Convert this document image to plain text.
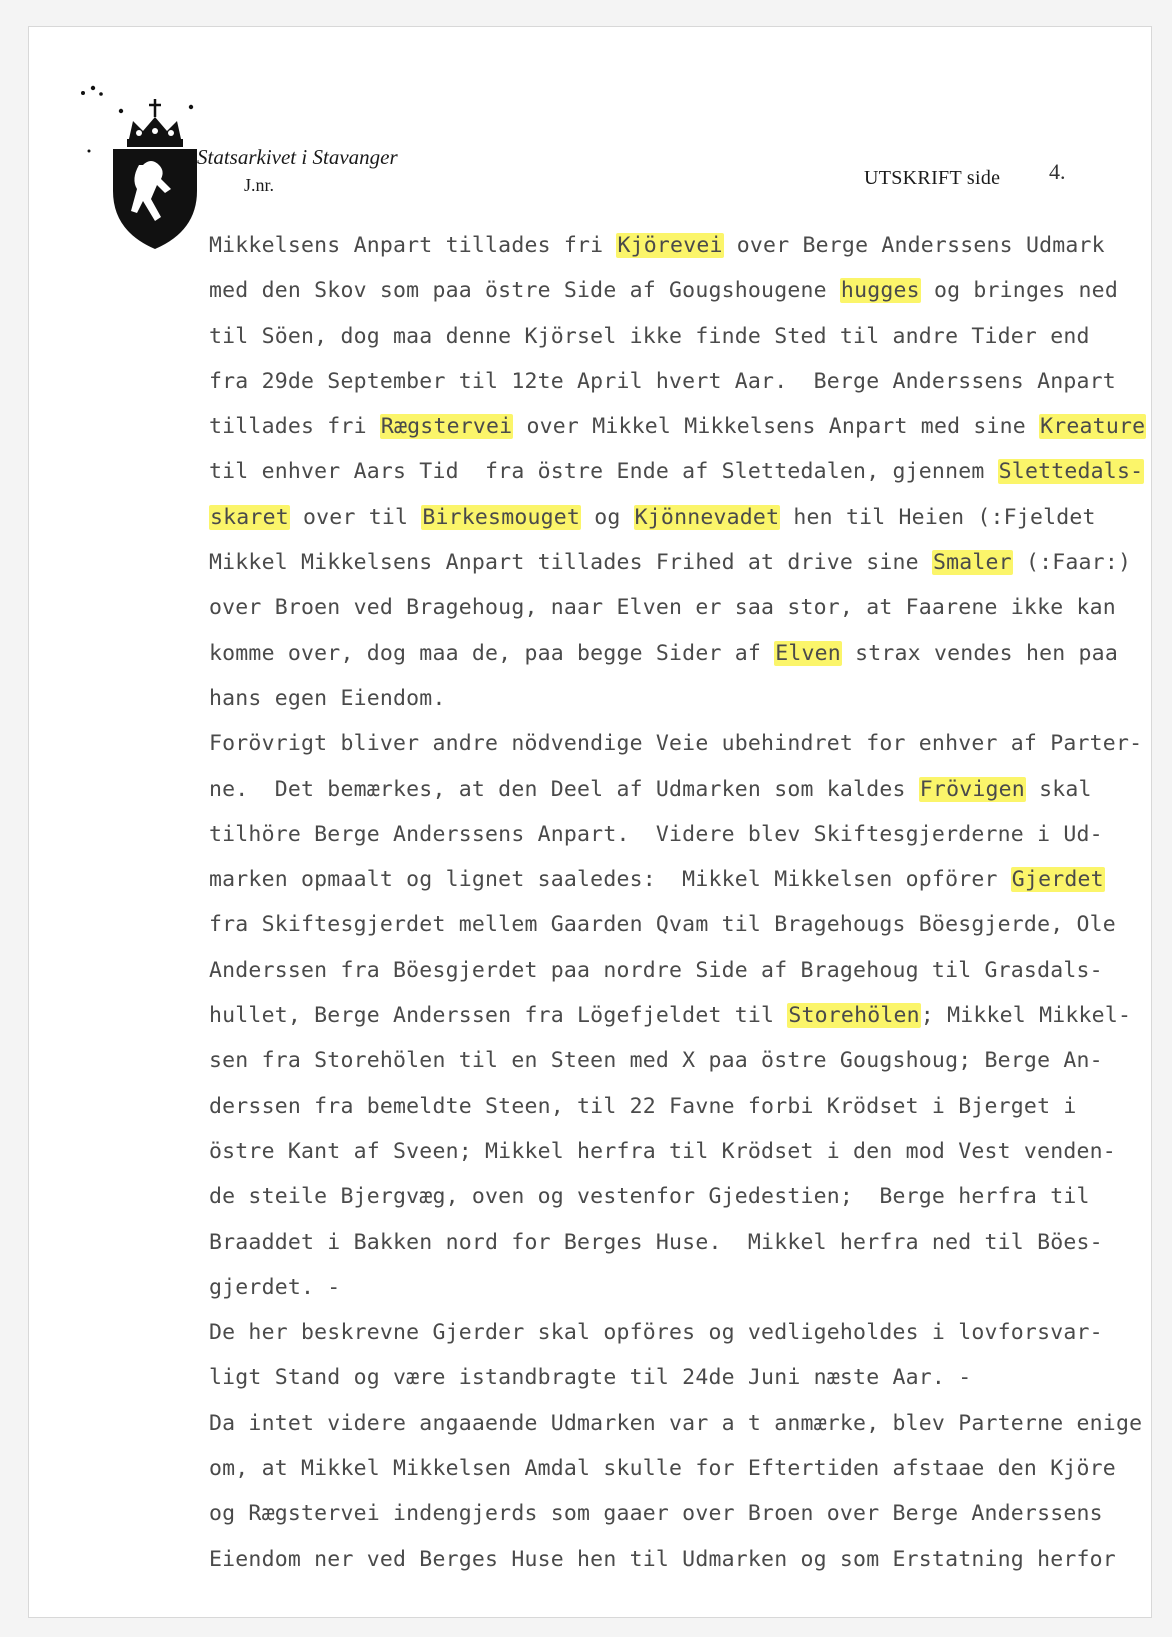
Statsarkivet i Stavanger
J.nr.	UTSKRIFT side 4.
Mikkelsens Anpart tillades fri Kjörevei over Berge Anderssens Udmark
med den Skov som paa östre Side af Gougshougene hugges og bringes ned
til Söen, dog maa denne Kjörsel ikke finde Sted til andre Tider end
fra 29de September til 12te April hvert Aar.  Berge Anderssens Anpart
tillades fri Rægstervei over Mikkel Mikkelsens Anpart med sine Kreature
til enhver Aars Tid  fra östre Ende af Slettedalen, gjennem Slettedals-
skaret over til Birkesmouget og Kjönnevadet hen til Heien (:Fjeldet
Mikkel Mikkelsens Anpart tillades Frihed at drive sine Smaler (:Faar:)
over Broen ved Bragehoug, naar Elven er saa stor, at Faarene ikke kan
komme over, dog maa de, paa begge Sider af Elven strax vendes hen paa
hans egen Eiendom.
Forövrigt bliver andre nödvendige Veie ubehindret for enhver af Parter-
ne.  Det bemærkes, at den Deel af Udmarken som kaldes Frövigen skal
tilhöre Berge Anderssens Anpart.  Videre blev Skiftesgjerderne i Ud-
marken opmaalt og lignet saaledes:  Mikkel Mikkelsen opförer Gjerdet
fra Skiftesgjerdet mellem Gaarden Qvam til Bragehougs Böesgjerde, Ole
Anderssen fra Böesgjerdet paa nordre Side af Bragehoug til Grasdals-
hullet, Berge Anderssen fra Lögefjeldet til Storehölen; Mikkel Mikkel-
sen fra Storehölen til en Steen med X paa östre Gougshoug; Berge An-
derssen fra bemeldte Steen, til 22 Favne forbi Krödset i Bjerget i
östre Kant af Sveen; Mikkel herfra til Krödset i den mod Vest venden-
de steile Bjergvæg, oven og vestenfor Gjedestien;  Berge herfra til
Braaddet i Bakken nord for Berges Huse.  Mikkel herfra ned til Böes-
gjerdet. -
De her beskrevne Gjerder skal opföres og vedligeholdes i lovforsvar-
ligt Stand og være istandbragte til 24de Juni næste Aar. -
Da intet videre angaaende Udmarken var a t anmærke, blev Parterne enige
om, at Mikkel Mikkelsen Amdal skulle for Eftertiden afstaae den Kjöre
og Rægstervei indengjerds som gaaer over Broen over Berge Anderssens
Eiendom ner ved Berges Huse hen til Udmarken og som Erstatning herfor
